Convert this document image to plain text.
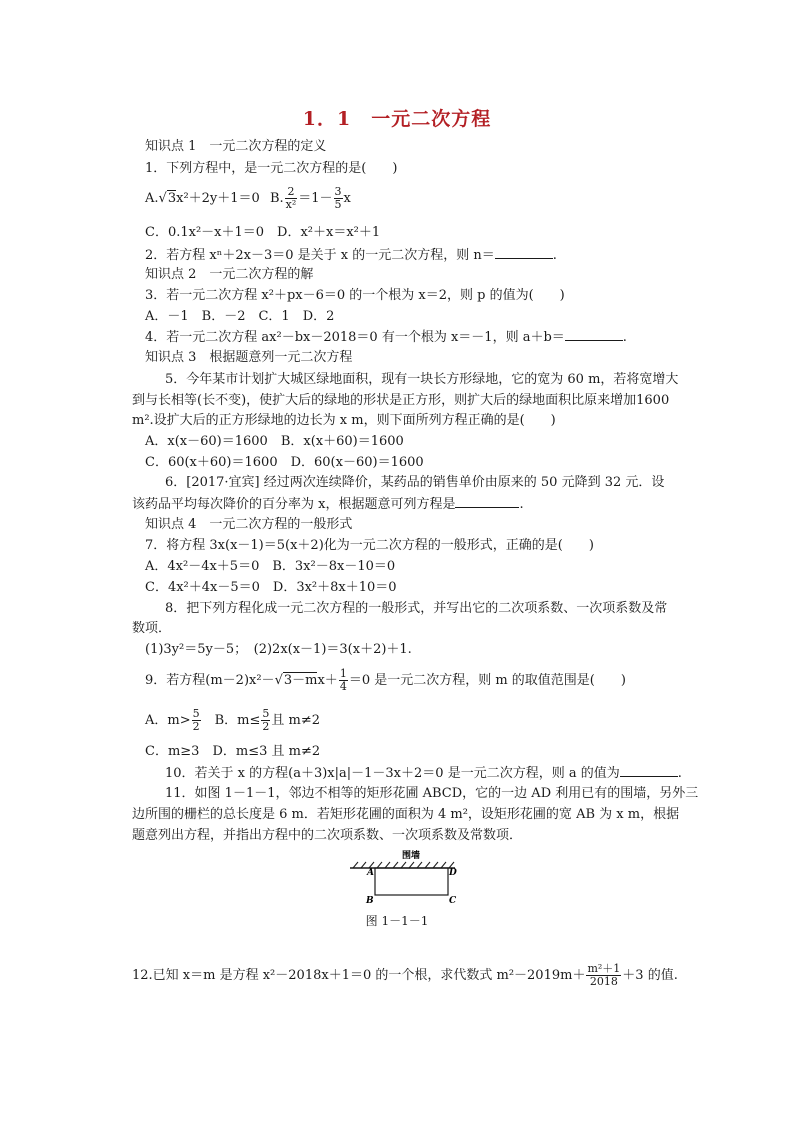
1．1　一元二次方程
知识点 1　一元二次方程的定义
1．下列方程中，是一元二次方程的是(　　)
A.√3x²＋2y＋1＝0 B. $\frac{2}{\text{x²}} =1- \frac{3}{5}$ x
C．0.1x²－x＋1＝0　D．x²＋x＝x²＋1
2．若方程 xⁿ＋2x－3＝0 是关于 x 的一元二次方程，则 n＝	.
知识点 2　一元二次方程的解
3．若一元二次方程 x²＋px－6＝0 的一个根为 x＝2，则 p 的值为(　　)
A．－1　B．－2　C．1　D．2
4．若一元二次方程 ax²－bx－2018＝0 有一个根为 x＝－1，则 a＋b＝	.
知识点 3　根据题意列一元二次方程
5．今年某市计划扩大城区绿地面积，现有一块长方形绿地，它的宽为 60 m，若将宽增大
到与长相等(长不变)，使扩大后的绿地的形状是正方形，则扩大后的绿地面积比原来增加1600
m².设扩大后的正方形绿地的边长为 x m，则下面所列方程正确的是(　　)
A．x(x－60)＝1600　B．x(x＋60)＝1600
C．60(x＋60)＝1600　D．60(x－60)＝1600
6．[2017·宜宾] 经过两次连续降价，某药品的销售单价由原来的 50 元降到 32 元．设
该药品平均每次降价的百分率为 x，根据题意可列方程是	.
知识点 4　一元二次方程的一般形式
7．将方程 3x(x－1)＝5(x＋2)化为一元二次方程的一般形式，正确的是(　　)
A．4x²－4x＋5＝0　B．3x²－8x－10＝0
C．4x²＋4x－5＝0　D．3x²＋8x＋10＝0
8．把下列方程化成一元二次方程的一般形式，并写出它的二次项系数、一次项系数及常
数项．
(1)3y²＝5y－5；　(2)2x(x－1)＝3(x＋2)＋1.
9．若方程$(m-2)x^2-√3-mx+ \frac{1}{4} =0$ 是一元二次方程，则 m 的取值范围是(　　)
A．$m> \frac{5}{2}$ 　B．$m\le \frac{5}{2}$ 且 m≠2
C．m≥3　D．m≤3 且 m≠2
10．若关于 x 的方程(a＋3)x|a|－1－3x＋2＝0 是一元二次方程，则 a 的值为	.
11．如图 1－1－1，邻边不相等的矩形花圃 ABCD，它的一边 AD 利用已有的围墙，另外三
边所围的栅栏的总长度是 6 m．若矩形花圃的面积为 4 m²，设矩形花圃的宽 AB 为 x m，根据
题意列出方程，并指出方程中的二次项系数、一次项系数及常数项．
围墙
A	D
B	C
图 1－1－1
12.已知 x＝m 是方程 x²－2018x＋1＝0 的一个根，求代数式 $m^2-2019m+ \frac{\text{m²＋1}}{2018} +3$ 的值.
